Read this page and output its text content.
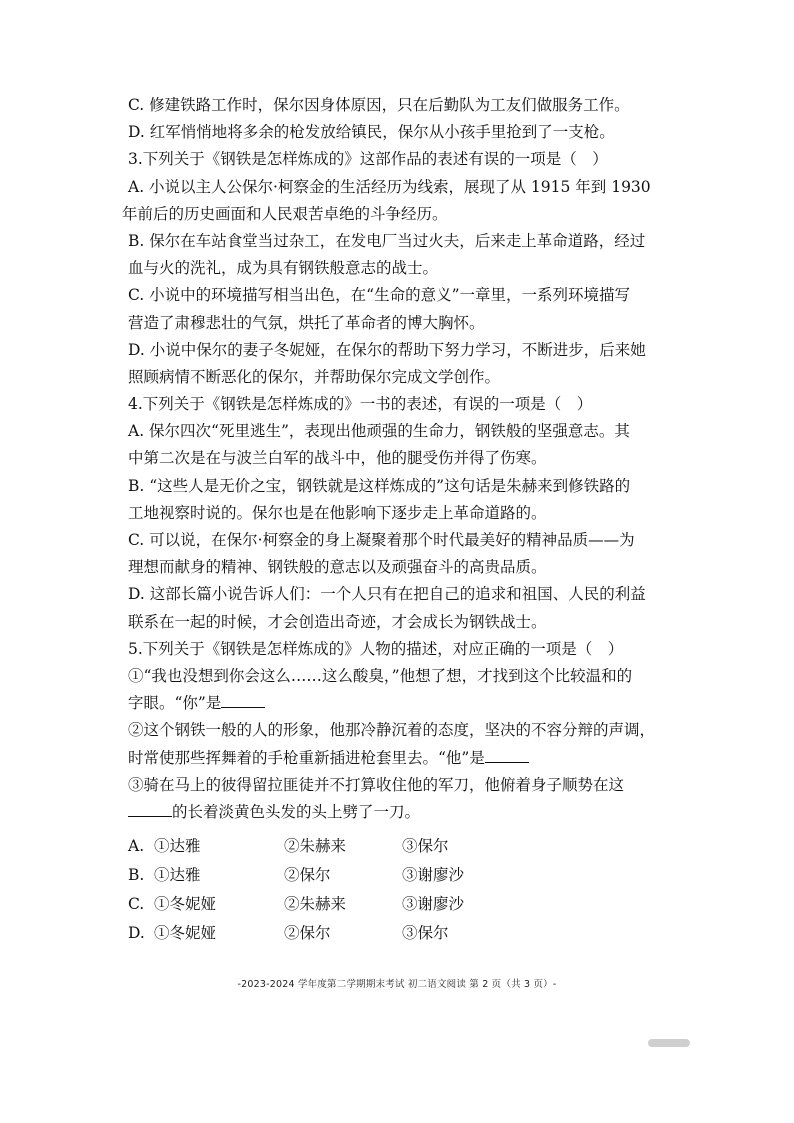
C. 修建铁路工作时，保尔因身体原因，只在后勤队为工友们做服务工作。
D. 红军悄悄地将多余的枪发放给镇民，保尔从小孩手里抢到了一支枪。
3.下列关于《钢铁是怎样炼成的》这部作品的表述有误的一项是（　）
A. 小说以主人公保尔·柯察金的生活经历为线索，展现了从 1915 年到 1930
年前后的历史画面和人民艰苦卓绝的斗争经历。
B. 保尔在车站食堂当过杂工，在发电厂当过火夫，后来走上革命道路，经过
血与火的洗礼，成为具有钢铁般意志的战士。
C. 小说中的环境描写相当出色，在“生命的意义”一章里，一系列环境描写
营造了肃穆悲壮的气氛，烘托了革命者的博大胸怀。
D. 小说中保尔的妻子冬妮娅，在保尔的帮助下努力学习，不断进步，后来她
照顾病情不断恶化的保尔，并帮助保尔完成文学创作。
4.下列关于《钢铁是怎样炼成的》一书的表述，有误的一项是（　）
A. 保尔四次“死里逃生”，表现出他顽强的生命力，钢铁般的坚强意志。其
中第二次是在与波兰白军的战斗中，他的腿受伤并得了伤寒。
B. “这些人是无价之宝，钢铁就是这样炼成的”这句话是朱赫来到修铁路的
工地视察时说的。保尔也是在他影响下逐步走上革命道路的。
C. 可以说，在保尔·柯察金的身上凝聚着那个时代最美好的精神品质——为
理想而献身的精神、钢铁般的意志以及顽强奋斗的高贵品质。
D. 这部长篇小说告诉人们：一个人只有在把自己的追求和祖国、人民的利益
联系在一起的时候，才会创造出奇迹，才会成长为钢铁战士。
5.下列关于《钢铁是怎样炼成的》人物的描述，对应正确的一项是（　）
①“我也没想到你会这么……这么酸臭，”他想了想，才找到这个比较温和的
字眼。“你”是
②这个钢铁一般的人的形象，他那冷静沉着的态度，坚决的不容分辩的声调，
时常使那些挥舞着的手枪重新插进枪套里去。“他”是
③骑在马上的彼得留拉匪徒并不打算收住他的军刀，他俯着身子顺势在这
的长着淡黄色头发的头上劈了一刀。
A. ①达雅	②朱赫来	③保尔
B. ①达雅	②保尔	③谢廖沙
C. ①冬妮娅	②朱赫来	③谢廖沙
D. ①冬妮娅	②保尔	③保尔
-2023-2024 学年度第二学期期末考试 初二语文阅读 第 2 页（共 3 页）-
